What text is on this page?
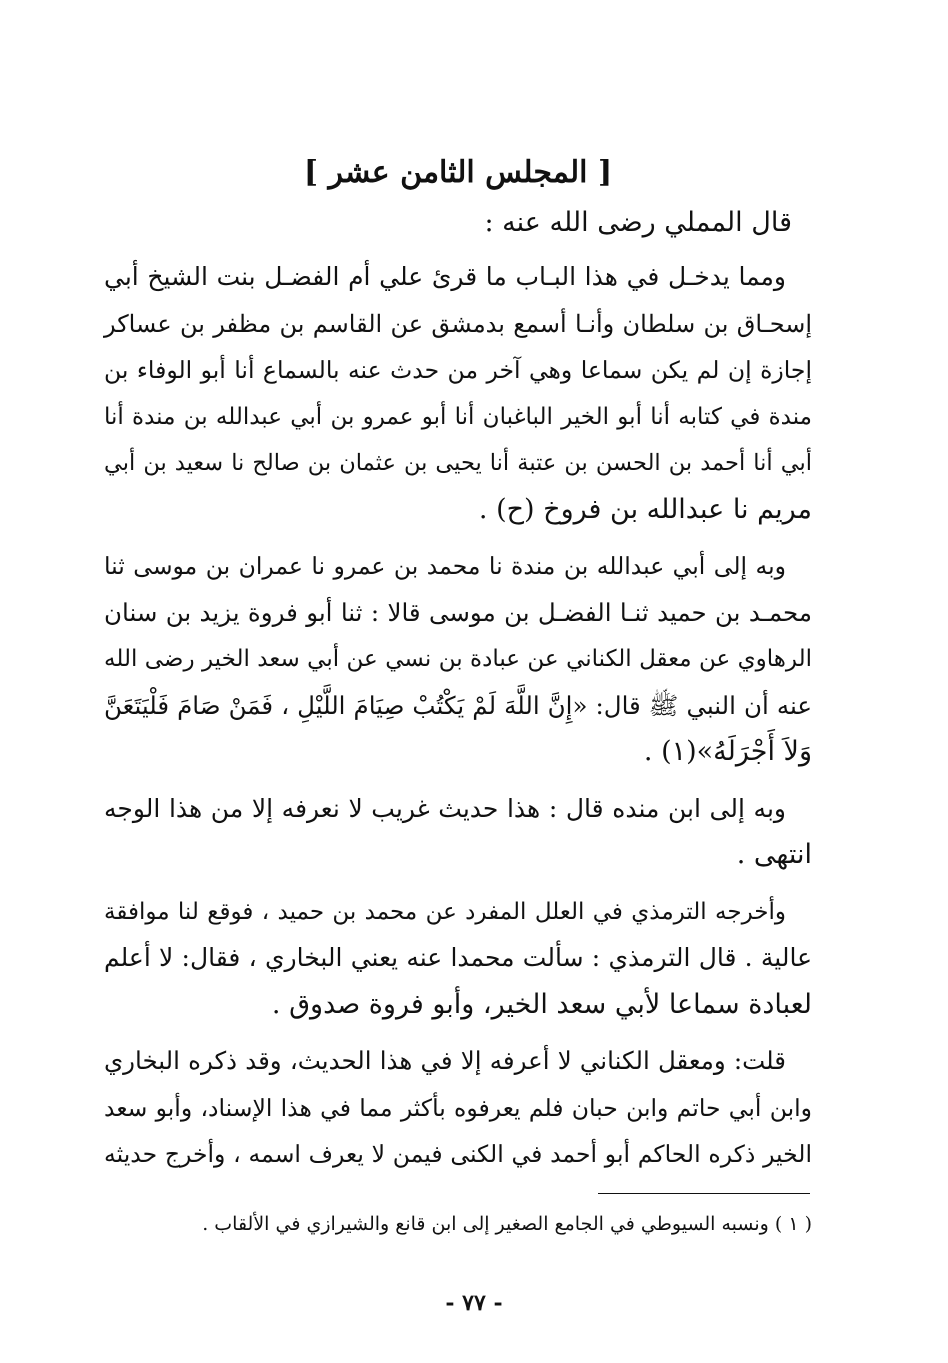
[ المجلس الثامن عشر ]
قال المملي رضى الله عنه :
ومما يدخـل في هذا البـاب ما قرئ علي أم الفضـل بنت الشيخ أبي
إسحـاق بن سلطان وأنـا أسمع بدمشق عن القاسم بن مظفر بن عساكر
إجازة إن لم يكن سماعا وهي آخر من حدث عنه بالسماع أنا أبو الوفاء بن
مندة في كتابه أنا أبو الخير الباغبان أنا أبو عمرو بن أبي عبدالله بن مندة أنا
أبي أنا أحمد بن الحسن بن عتبة أنا يحيى بن عثمان بن صالح نا سعيد بن أبي
مريم نا عبدالله بن فروخ (ح) .
وبه إلى أبي عبدالله بن مندة نا محمد بن عمرو نا عمران بن موسى ثنا
محمـد بن حميد ثنـا الفضـل بن موسى قالا : ثنا أبو فروة يزيد بن سنان
الرهاوي عن معقل الكناني عن عبادة بن نسي عن أبي سعد الخير رضى الله
عنه أن النبي ﷺ قال: «إِنَّ اللَّهَ لَمْ يَكْتُبْ صِيَامَ اللَّيْلِ ، فَمَنْ صَامَ فَلْيَتَعَنَّ
وَلاَ أَجْرَلَهُ»(١) .
وبه إلى ابن منده قال : هذا حديث غريب لا نعرفه إلا من هذا الوجه
انتهى .
وأخرجه الترمذي في العلل المفرد عن محمد بن حميد ، فوقع لنا موافقة
عالية . قال الترمذي : سألت محمدا عنه يعني البخاري ، فقال: لا أعلم
لعبادة سماعا لأبي سعد الخير، وأبو فروة صدوق .
قلت: ومعقل الكناني لا أعرفه إلا في هذا الحديث، وقد ذكره البخاري
وابن أبي حاتم وابن حبان فلم يعرفوه بأكثر مما في هذا الإسناد، وأبو سعد
الخير ذكره الحاكم أبو أحمد في الكنى فيمن لا يعرف اسمه ، وأخرج حديثه
( ١ ) ونسبه السيوطي في الجامع الصغير إلى ابن قانع والشيرازي في الألقاب .
- ٧٧ -
